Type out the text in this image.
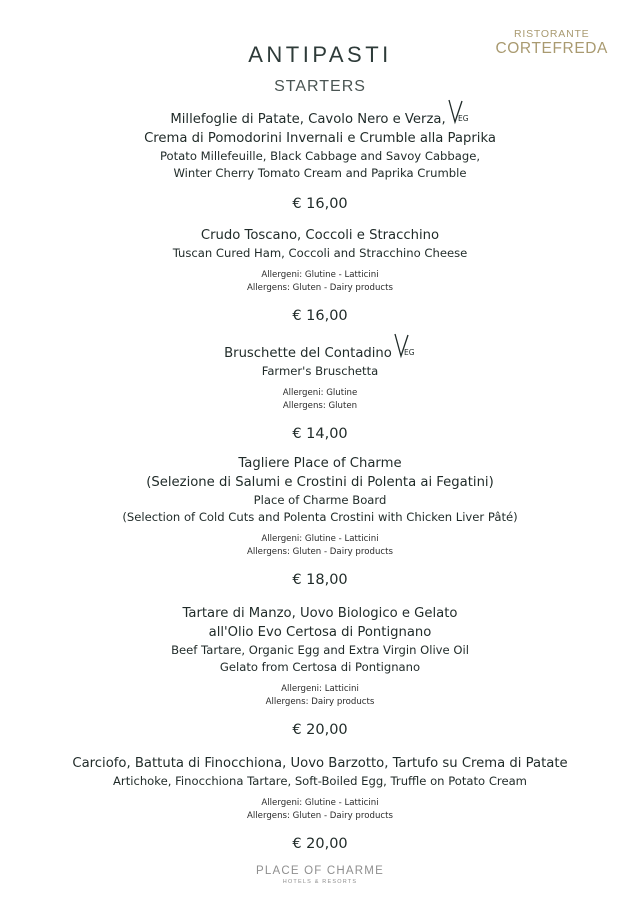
RISTORANTE
CORTEFREDA
ANTIPASTI
STARTERS
Millefoglie di Patate, Cavolo Nero e Verza, EG
Crema di Pomodorini Invernali e Crumble alla Paprika
Potato Millefeuille, Black Cabbage and Savoy Cabbage,
Winter Cherry Tomato Cream and Paprika Crumble
€ 16,00
Crudo Toscano, Coccoli e Stracchino
Tuscan Cured Ham, Coccoli and Stracchino Cheese
Allergeni: Glutine - Latticini
Allergens: Gluten - Dairy products
€ 16,00
Bruschette del Contadino EG
Farmer's Bruschetta
Allergeni: Glutine
Allergens: Gluten
€ 14,00
Tagliere Place of Charme
(Selezione di Salumi e Crostini di Polenta ai Fegatini)
Place of Charme Board
(Selection of Cold Cuts and Polenta Crostini with Chicken Liver Pâté)
Allergeni: Glutine - Latticini
Allergens: Gluten - Dairy products
€ 18,00
Tartare di Manzo, Uovo Biologico e Gelato
all'Olio Evo Certosa di Pontignano
Beef Tartare, Organic Egg and Extra Virgin Olive Oil
Gelato from Certosa di Pontignano
Allergeni: Latticini
Allergens: Dairy products
€ 20,00
Carciofo, Battuta di Finocchiona, Uovo Barzotto, Tartufo su Crema di Patate
Artichoke, Finocchiona Tartare, Soft-Boiled Egg, Truffle on Potato Cream
Allergeni: Glutine - Latticini
Allergens: Gluten - Dairy products
€ 20,00
PLACE OF CHARME
HOTELS & RESORTS
